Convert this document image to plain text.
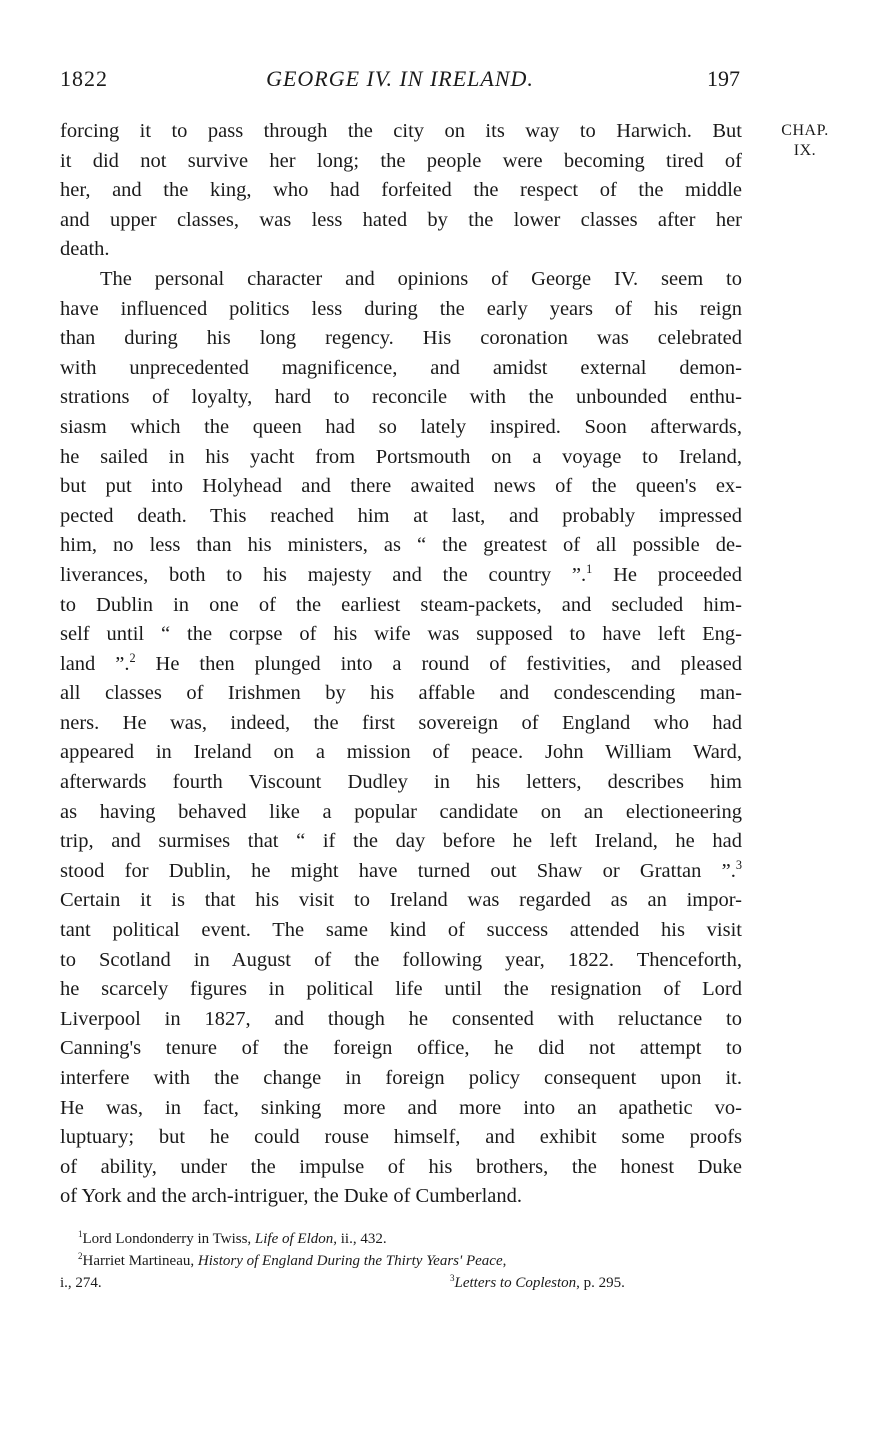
1822	GEORGE IV. IN IRELAND.	197
CHAP.
IX.
forcing it to pass through the city on its way to Harwich. But
it did not survive her long; the people were becoming tired of
her, and the king, who had forfeited the respect of the middle
and upper classes, was less hated by the lower classes after her
death.
The personal character and opinions of George IV. seem to
have influenced politics less during the early years of his reign
than during his long regency. His coronation was celebrated
with unprecedented magnificence, and amidst external demon-
strations of loyalty, hard to reconcile with the unbounded enthu-
siasm which the queen had so lately inspired. Soon afterwards,
he sailed in his yacht from Portsmouth on a voyage to Ireland,
but put into Holyhead and there awaited news of the queen's ex-
pected death. This reached him at last, and probably impressed
him, no less than his ministers, as “ the greatest of all possible de-
liverances, both to his majesty and the country ”.$^1$ He proceeded
to Dublin in one of the earliest steam-packets, and secluded him-
self until “ the corpse of his wife was supposed to have left Eng-
land ”.$^2$ He then plunged into a round of festivities, and pleased
all classes of Irishmen by his affable and condescending man-
ners. He was, indeed, the first sovereign of England who had
appeared in Ireland on a mission of peace. John William Ward,
afterwards fourth Viscount Dudley in his letters, describes him
as having behaved like a popular candidate on an electioneering
trip, and surmises that “ if the day before he left Ireland, he had
stood for Dublin, he might have turned out Shaw or Grattan ”.$^3$
Certain it is that his visit to Ireland was regarded as an impor-
tant political event. The same kind of success attended his visit
to Scotland in August of the following year, 1822. Thenceforth,
he scarcely figures in political life until the resignation of Lord
Liverpool in 1827, and though he consented with reluctance to
Canning's tenure of the foreign office, he did not attempt to
interfere with the change in foreign policy consequent upon it.
He was, in fact, sinking more and more into an apathetic vo-
luptuary; but he could rouse himself, and exhibit some proofs
of ability, under the impulse of his brothers, the honest Duke
of York and the arch-intriguer, the Duke of Cumberland.
$^1$Lord Londonderry in Twiss, Life of Eldon, ii., 432.
$^2$Harriet Martineau, History of England During the Thirty Years' Peace,
i., 274.	$^3$Letters to Copleston, p. 295.
